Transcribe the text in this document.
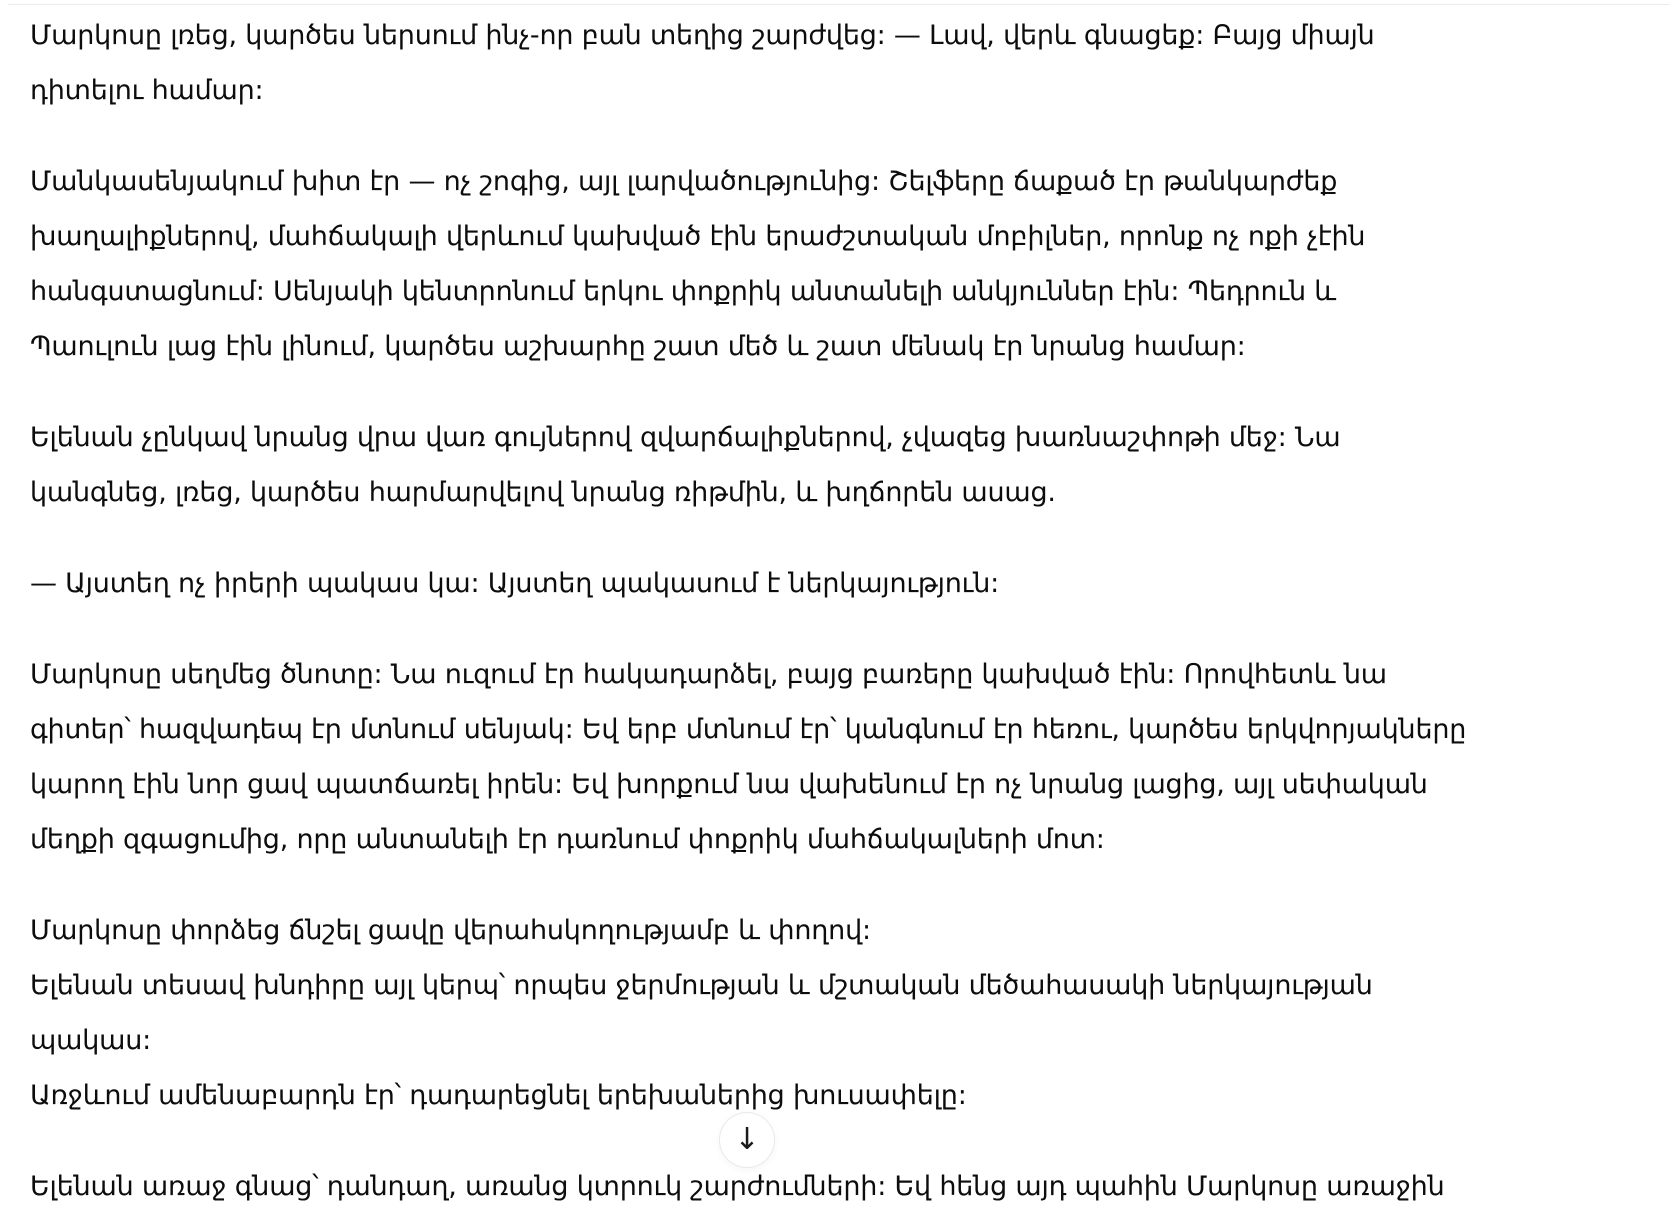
Մարկոսը լռեց, կարծես ներսում ինչ-որ բան տեղից շարժվեց: — Լավ, վերև գնացեք: Բայց միայն դիտելու համար:

Մանկասենյակում խիտ էր — ոչ շոգից, այլ լարվածությունից: Շելֆերը ճաքած էր թանկարժեք խաղալիքներով, մահճակալի վերևում կախված էին երաժշտական մոբիլներ, որոնք ոչ ոքի չէին հանգստացնում: Սենյակի կենտրոնում երկու փոքրիկ անտանելի անկյուններ էին: Պեդրուն և Պաուլուն լաց էին լինում, կարծես աշխարհը շատ մեծ և շատ մենակ էր նրանց համար:

Ելենան չընկավ նրանց վրա վառ գույներով զվարճալիքներով, չվազեց խառնաշփոթի մեջ: Նա կանգնեց, լռեց, կարծես հարմարվելով նրանց ռիթմին, և խղճորեն ասաց.

— Այստեղ ոչ իրերի պակաս կա: Այստեղ պակասում է ներկայություն:

Մարկոսը սեղմեց ծնոտը: Նա ուզում էր հակադարձել, բայց բառերը կախված էին: Որովհետև նա գիտեր՝ հազվադեպ էր մտնում սենյակ: Եվ երբ մտնում էր՝ կանգնում էր հեռու, կարծես երկվորյակները կարող էին նոր ցավ պատճառել իրեն: Եվ խորքում նա վախենում էր ոչ նրանց լացից, այլ սեփական մեղքի զգացումից, որը անտանելի էր դառնում փոքրիկ մահճակալների մոտ:

Մարկոսը փորձեց ճնշել ցավը վերահսկողությամբ և փողով:
Ելենան տեսավ խնդիրը այլ կերպ՝ որպես ջերմության և մշտական մեծահասակի ներկայության պակաս:
Առջևում ամենաբարդն էր՝ դադարեցնել երեխաներից խուսափելը:

Ելենան առաջ գնաց՝ դանդաղ, առանց կտրուկ շարժումների: Եվ հենց այդ պահին Մարկոսը առաջին

↓
